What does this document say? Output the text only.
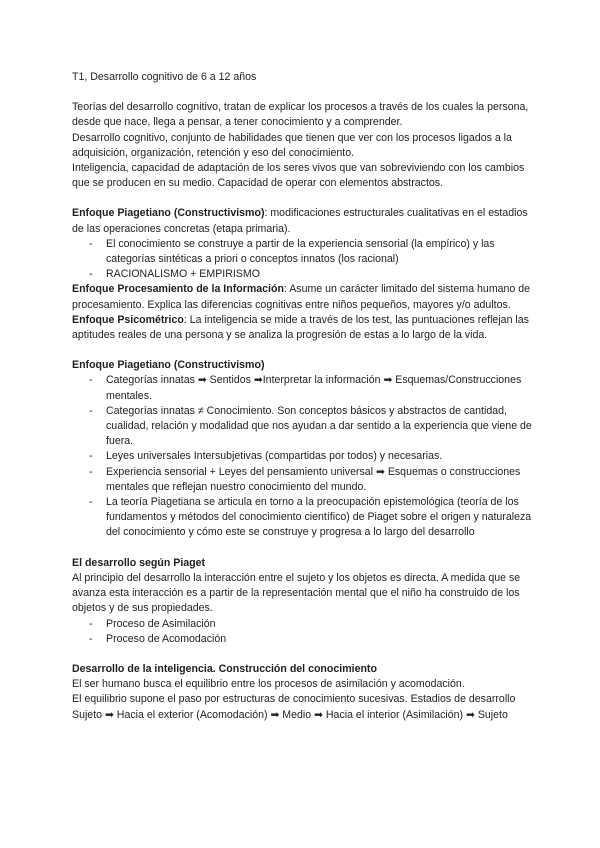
T1, Desarrollo cognitivo de 6 a 12 años

Teorías del desarrollo cognitivo, tratan de explicar los procesos a través de los cuales la persona, desde que nace, llega a pensar, a tener conocimiento y a comprender.

Desarrollo cognitivo, conjunto de habilidades que tienen que ver con los procesos ligados a la adquisición, organización, retención y eso del conocimiento.

Inteligencia, capacidad de adaptación de los seres vivos que van sobreviviendo con los cambios que se producen en su medio. Capacidad de operar con elementos abstractos.

Enfoque Piagetiano (Constructivismo): modificaciones estructurales cualitativas en el estadios de las operaciones concretas (etapa primaria).

- El conocimiento se construye a partir de la experiencia sensorial (la empírico) y las categorías sintéticas a priori o conceptos innatos (los racional)
- RACIONALISMO + EMPIRISMO

Enfoque Procesamiento de la Información: Asume un carácter limitado del sistema humano de procesamiento. Explica las diferencias cognitivas entre niños pequeños, mayores y/o adultos.

Enfoque Psicométrico: La inteligencia se mide a través de los test, las puntuaciones reflejan las aptitudes reales de una persona y se analiza la progresión de estas a lo largo de la vida.

Enfoque Piagetiano (Constructivismo)

- Categorías innatas ➡ Sentidos ➡Interpretar la información ➡ Esquemas/Construcciones mentales.
- Categorías innatas ≠ Conocimiento. Son conceptos básicos y abstractos de cantidad, cualidad, relación y modalidad que nos ayudan a dar sentido a la experiencia que viene de fuera.
- Leyes universales Intersubjetivas (compartidas por todos) y necesarias.
- Experiencia sensorial + Leyes del pensamiento universal ➡ Esquemas o construcciones mentales que reflejan nuestro conocimiento del mundo.
- La teoría Piagetiana se articula en torno a la preocupación epistemológica (teoría de los fundamentos y métodos del conocimiento científico) de Piaget sobre el origen y naturaleza del conocimiento y cómo este se construye y progresa a lo largo del desarrollo

El desarrollo según Piaget

Al principio del desarrollo la interacción entre el sujeto y los objetos es directa. A medida que se avanza esta interacción es a partir de la representación mental que el niño ha construido de los objetos y de sus propiedades.

- Proceso de Asimilación
- Proceso de Acomodación

Desarrollo de la inteligencia. Construcción del conocimiento

El ser humano busca el equilibrio entre los procesos de asimilación y acomodación.

El equilibrio supone el paso por estructuras de conocimiento sucesivas. Estadios de desarrollo

Sujeto ➡ Hacia el exterior (Acomodación) ➡ Medio ➡ Hacia el interior (Asimilación) ➡ Sujeto
